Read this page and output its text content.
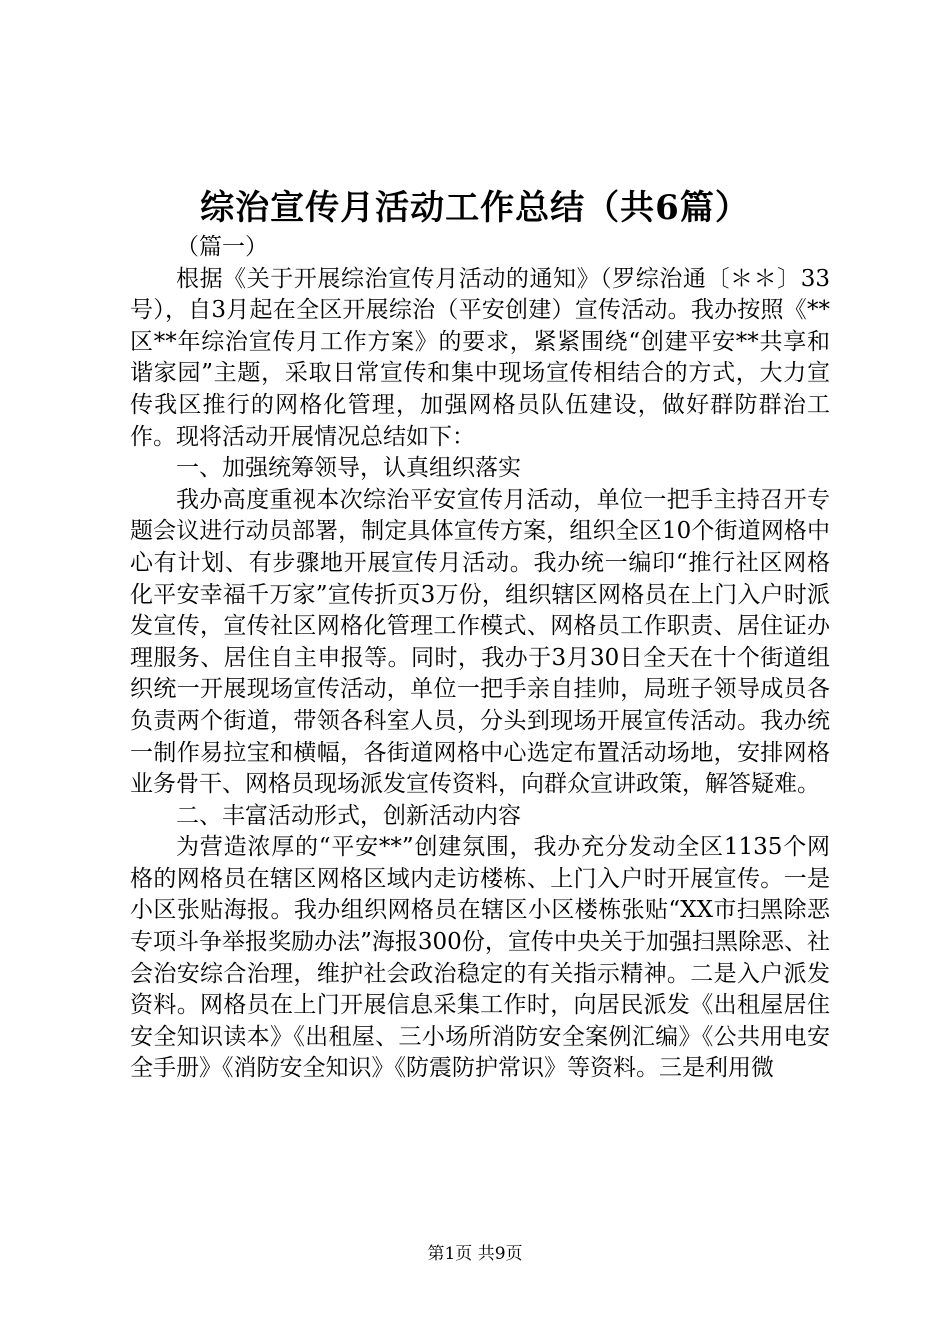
综治宣传月活动工作总结（共6篇）

（篇一）

根据《关于开展综治宣传月活动的通知》（罗综治通〔＊＊〕33号），自3月起在全区开展综治（平安创建）宣传活动。我办按照《**区**年综治宣传月工作方案》的要求，紧紧围绕“创建平安**共享和谐家园”主题，采取日常宣传和集中现场宣传相结合的方式，大力宣传我区推行的网格化管理，加强网格员队伍建设，做好群防群治工作。现将活动开展情况总结如下：

一、加强统筹领导，认真组织落实

我办高度重视本次综治平安宣传月活动，单位一把手主持召开专题会议进行动员部署，制定具体宣传方案，组织全区10个街道网格中心有计划、有步骤地开展宣传月活动。我办统一编印“推行社区网格化平安幸福千万家”宣传折页3万份，组织辖区网格员在上门入户时派发宣传，宣传社区网格化管理工作模式、网格员工作职责、居住证办理服务、居住自主申报等。同时，我办于3月30日全天在十个街道组织统一开展现场宣传活动，单位一把手亲自挂帅，局班子领导成员各负责两个街道，带领各科室人员，分头到现场开展宣传活动。我办统一制作易拉宝和横幅，各街道网格中心选定布置活动场地，安排网格业务骨干、网格员现场派发宣传资料，向群众宣讲政策，解答疑难。

二、丰富活动形式，创新活动内容

为营造浓厚的“平安**”创建氛围，我办充分发动全区1135个网格的网格员在辖区网格区域内走访楼栋、上门入户时开展宣传。一是小区张贴海报。我办组织网格员在辖区小区楼栋张贴“XX市扫黑除恶专项斗争举报奖励办法”海报300份，宣传中央关于加强扫黑除恶、社会治安综合治理，维护社会政治稳定的有关指示精神。二是入户派发资料。网格员在上门开展信息采集工作时，向居民派发《出租屋居住安全知识读本》《出租屋、三小场所消防安全案例汇编》《公共用电安全手册》《消防安全知识》《防震防护常识》等资料。三是利用微

第1页 共9页
